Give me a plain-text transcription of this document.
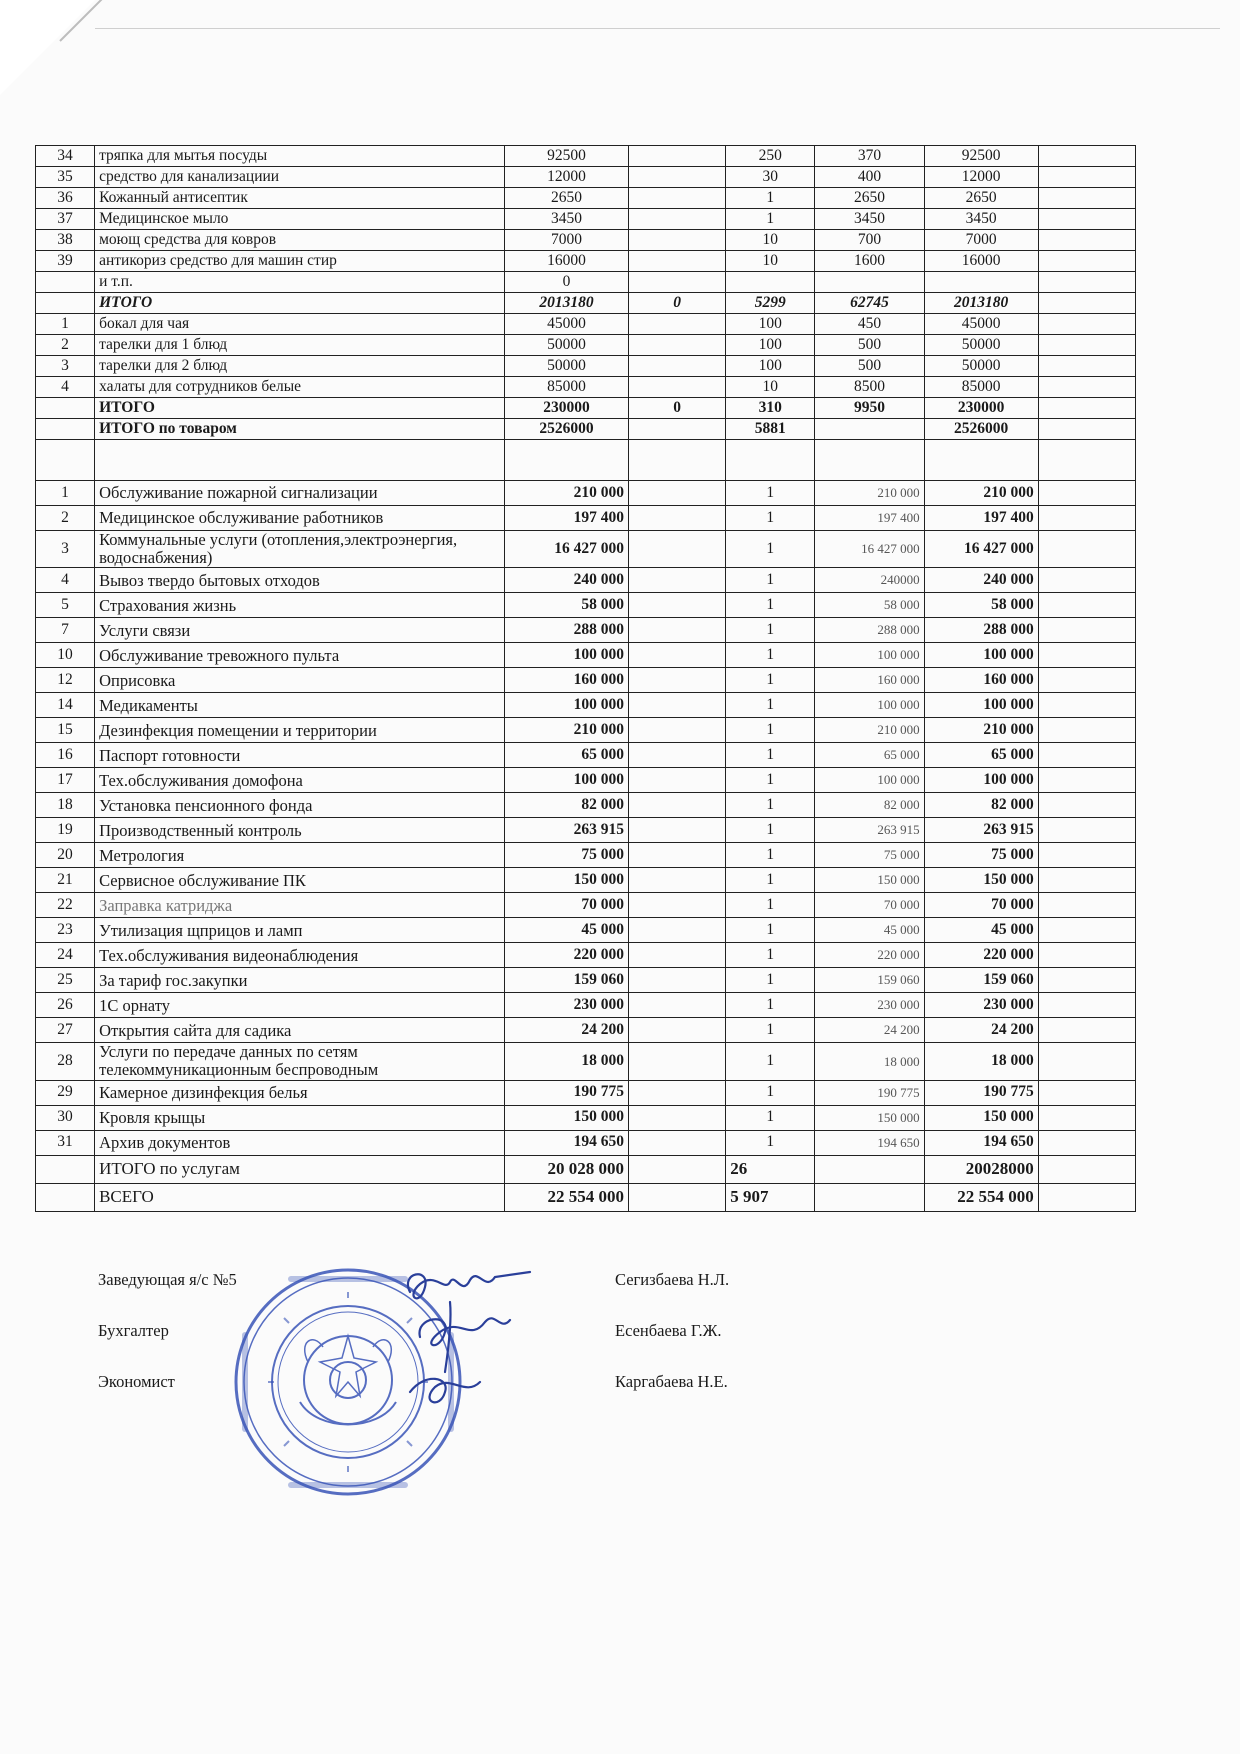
34	тряпка для мытья посуды	92500		250	370	92500	
35	средство для канализациии	12000		30	400	12000	
36	Кожанный антисептик	2650		1	2650	2650	
37	Медицинское мыло	3450		1	3450	3450	
38	моющ средства для ковров	7000		10	700	7000	
39	антикориз средство для машин стир	16000		10	1600	16000	
	и т.п.	0					
	ИТОГО	2013180	0	5299	62745	2013180	
1	бокал для чая	45000		100	450	45000	
2	тарелки для 1 блюд	50000		100	500	50000	
3	тарелки для 2 блюд	50000		100	500	50000	
4	халаты для сотрудников белые	85000		10	8500	85000	
	ИТОГО	230000	0	310	9950	230000	
	ИТОГО по товаром	2526000		5881		2526000	

1	Обслуживание пожарной сигнализации	210 000		1	210 000	210 000	
2	Медицинское обслуживание работников	197 400		1	197 400	197 400	
3	Коммунальные услуги (отопления,электроэнергия, водоснабжения)	16 427 000		1	16 427 000	16 427 000	
4	Вывоз твердо бытовых отходов	240 000		1	240000	240 000	
5	Страхования жизнь	58 000		1	58 000	58 000	
7	Услуги связи	288 000		1	288 000	288 000	
10	Обслуживание тревожного пульта	100 000		1	100 000	100 000	
12	Оприсовка	160 000		1	160 000	160 000	
14	Медикаменты	100 000		1	100 000	100 000	
15	Дезинфекция помещении и территории	210 000		1	210 000	210 000	
16	Паспорт готовности	65 000		1	65 000	65 000	
17	Тех.обслуживания домофона	100 000		1	100 000	100 000	
18	Установка пенсионного фонда	82 000		1	82 000	82 000	
19	Производственный контроль	263 915		1	263 915	263 915	
20	Метрология	75 000		1	75 000	75 000	
21	Сервисное обслуживание ПК	150 000		1	150 000	150 000	
22	Заправка катриджа	70 000		1	70 000	70 000	
23	Утилизация щприцов и ламп	45 000		1	45 000	45 000	
24	Тех.обслуживания видеонаблюдения	220 000		1	220 000	220 000	
25	За тариф гос.закупки	159 060		1	159 060	159 060	
26	1С орнату	230 000		1	230 000	230 000	
27	Открытия сайта для садика	24 200		1	24 200	24 200	
28	Услуги по передаче данных по сетям телекоммуникационным беспроводным	18 000		1	18 000	18 000	
29	Камерное дизинфекция белья	190 775		1	190 775	190 775	
30	Кровля крыщы	150 000		1	150 000	150 000	
31	Архив документов	194 650		1	194 650	194 650	
	ИТОГО по услугам	20 028 000		26		20028000	
	ВСЕГО	22 554 000		5 907		22 554 000	
Заведующая я/с №5	Сегизбаева Н.Л.
Бухгалтер	Есенбаева Г.Ж.
Экономист	Каргабаева Н.Е.
